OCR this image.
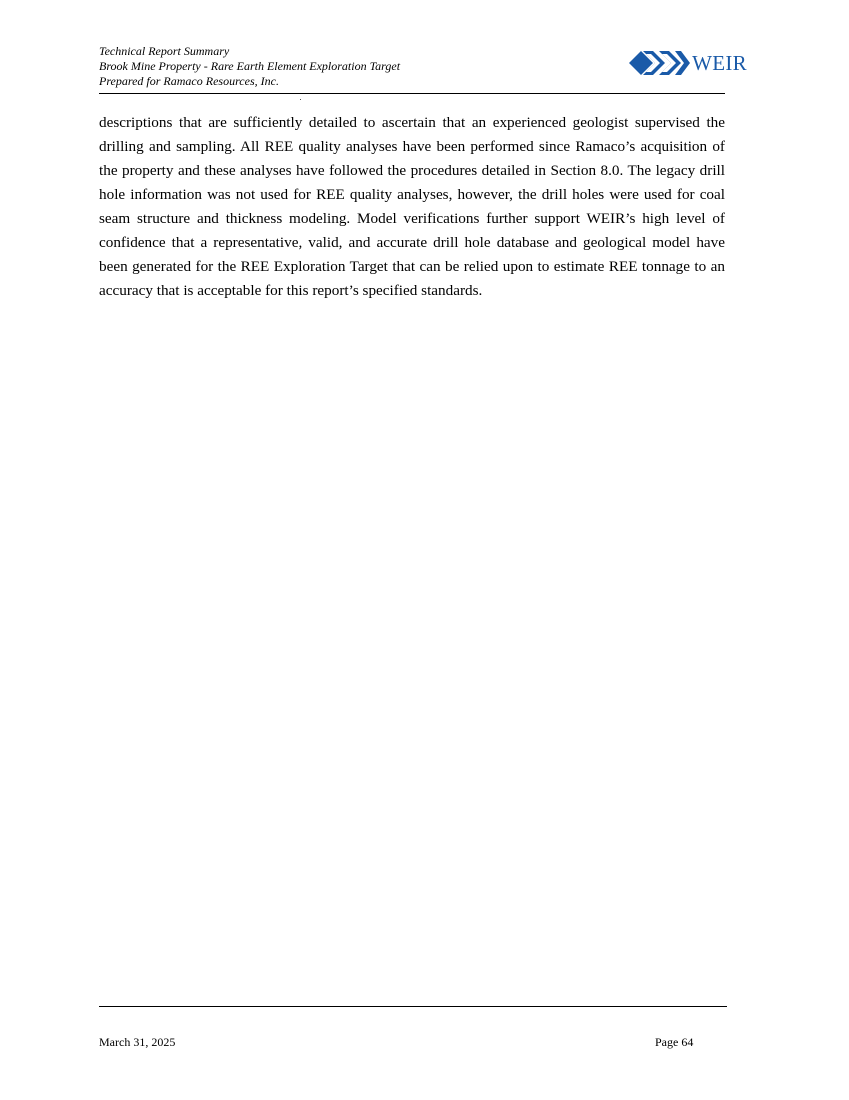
Technical Report Summary
Brook Mine Property - Rare Earth Element Exploration Target
Prepared for Ramaco Resources, Inc.
WEIR

descriptions that are sufficiently detailed to ascertain that an experienced geologist supervised the drilling and sampling. All REE quality analyses have been performed since Ramaco’s acquisition of the property and these analyses have followed the procedures detailed in Section 8.0. The legacy drill hole information was not used for REE quality analyses, however, the drill holes were used for coal seam structure and thickness modeling. Model verifications further support WEIR’s high level of confidence that a representative, valid, and accurate drill hole database and geological model have been generated for the REE Exploration Target that can be relied upon to estimate REE tonnage to an accuracy that is acceptable for this report’s specified standards.

March 31, 2025	Page 64
